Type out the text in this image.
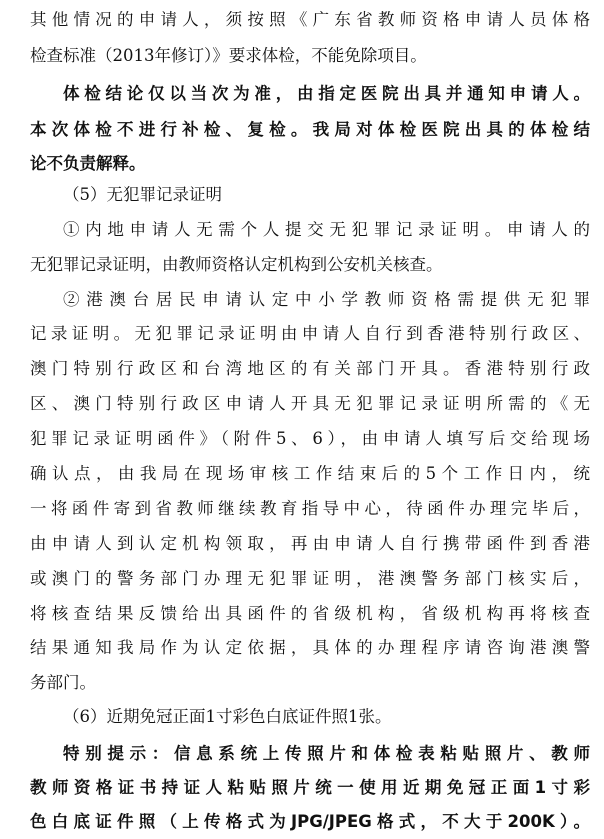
其他情况的申请人，须按照《广东省教师资格申请人员体格
检查标准（2013年修订）》要求体检，不能免除项目。
体检结论仅以当次为准，由指定医院出具并通知申请人。
本次体检不进行补检、复检。我局对体检医院出具的体检结
论不负责解释。
（5）无犯罪记录证明
①内地申请人无需个人提交无犯罪记录证明。申请人的
无犯罪记录证明，由教师资格认定机构到公安机关核查。
②港澳台居民申请认定中小学教师资格需提供无犯罪
记录证明。无犯罪记录证明由申请人自行到香港特别行政区、
澳门特别行政区和台湾地区的有关部门开具。香港特别行政
区、澳门特别行政区申请人开具无犯罪记录证明所需的《无
犯罪记录证明函件》（附件5、6），由申请人填写后交给现场
确认点，由我局在现场审核工作结束后的5个工作日内，统
一将函件寄到省教师继续教育指导中心，待函件办理完毕后，
由申请人到认定机构领取，再由申请人自行携带函件到香港
或澳门的警务部门办理无犯罪证明，港澳警务部门核实后，
将核查结果反馈给出具函件的省级机构，省级机构再将核查
结果通知我局作为认定依据，具体的办理程序请咨询港澳警
务部门。
（6）近期免冠正面1寸彩色白底证件照1张。
特别提示：信息系统上传照片和体检表粘贴照片、教师
教师资格证书持证人粘贴照片统一使用近期免冠正面1寸彩
色白底证件照（上传格式为JPG/JPEG格式，不大于200K）。
